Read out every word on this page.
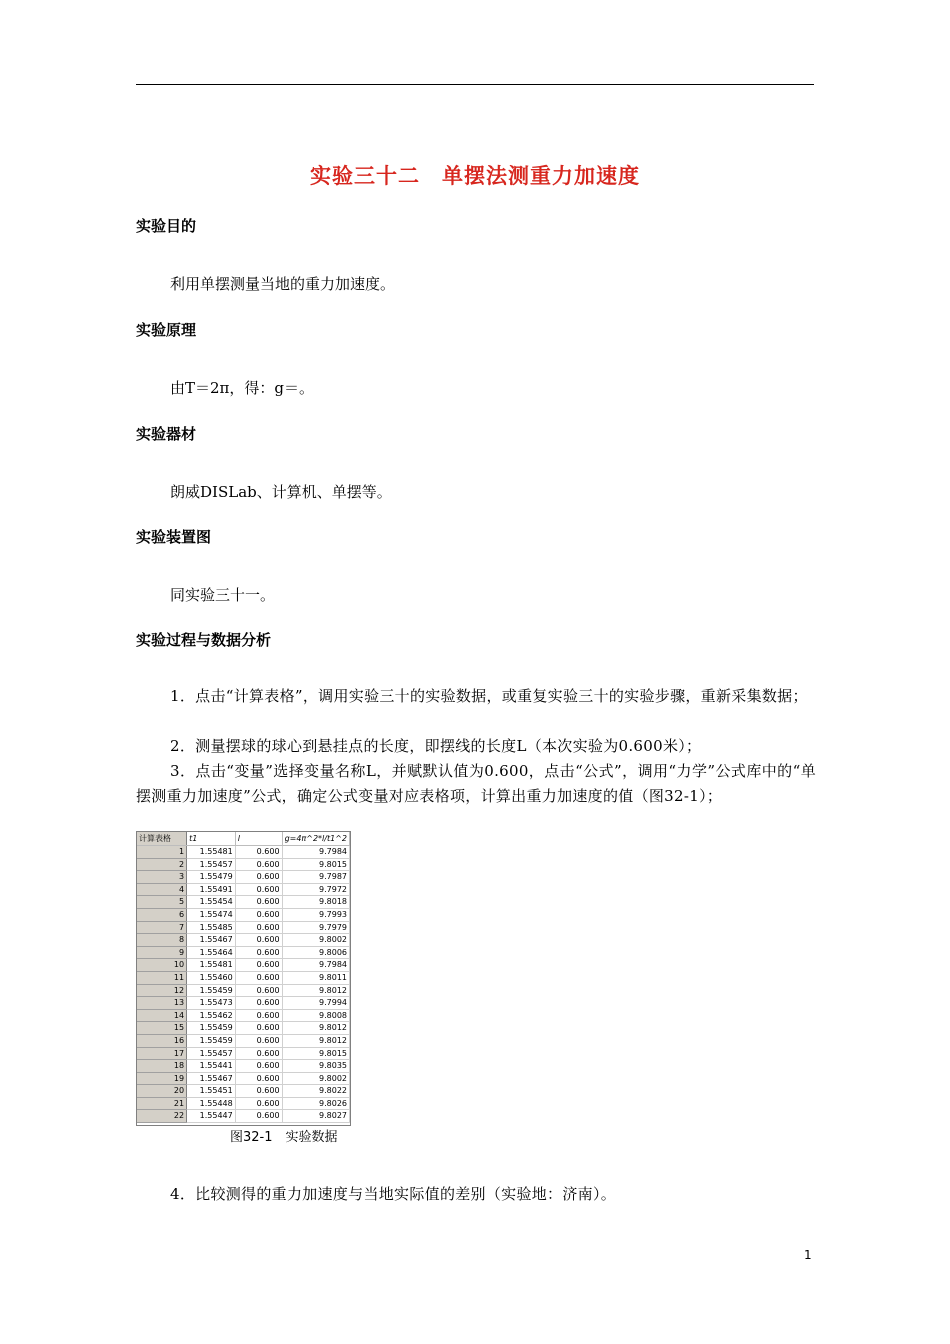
实验三十二　单摆法测重力加速度
实验目的
利用单摆测量当地的重力加速度。
实验原理
由T＝2π，得：g＝。
实验器材
朗威DISLab、计算机、单摆等。
实验装置图
同实验三十一。
实验过程与数据分析
1．点击“计算表格”，调用实验三十的实验数据，或重复实验三十的实验步骤，重新采集数据；
2．测量摆球的球心到悬挂点的长度，即摆线的长度L（本次实验为0.600米）；
3．点击“变量”选择变量名称L，并赋默认值为0.600，点击“公式”，调用“力学”公式库中的“单摆测重力加速度”公式，确定公式变量对应表格项，计算出重力加速度的值（图32-1）；
计算表格	t1	l	g=4π^2*l/t1^2
1	1.55481	0.600	9.7984
2	1.55457	0.600	9.8015
3	1.55479	0.600	9.7987
4	1.55491	0.600	9.7972
5	1.55454	0.600	9.8018
6	1.55474	0.600	9.7993
7	1.55485	0.600	9.7979
8	1.55467	0.600	9.8002
9	1.55464	0.600	9.8006
10	1.55481	0.600	9.7984
11	1.55460	0.600	9.8011
12	1.55459	0.600	9.8012
13	1.55473	0.600	9.7994
14	1.55462	0.600	9.8008
15	1.55459	0.600	9.8012
16	1.55459	0.600	9.8012
17	1.55457	0.600	9.8015
18	1.55441	0.600	9.8035
19	1.55467	0.600	9.8002
20	1.55451	0.600	9.8022
21	1.55448	0.600	9.8026
22	1.55447	0.600	9.8027
图32-1　实验数据
4．比较测得的重力加速度与当地实际值的差别（实验地：济南）。
1
